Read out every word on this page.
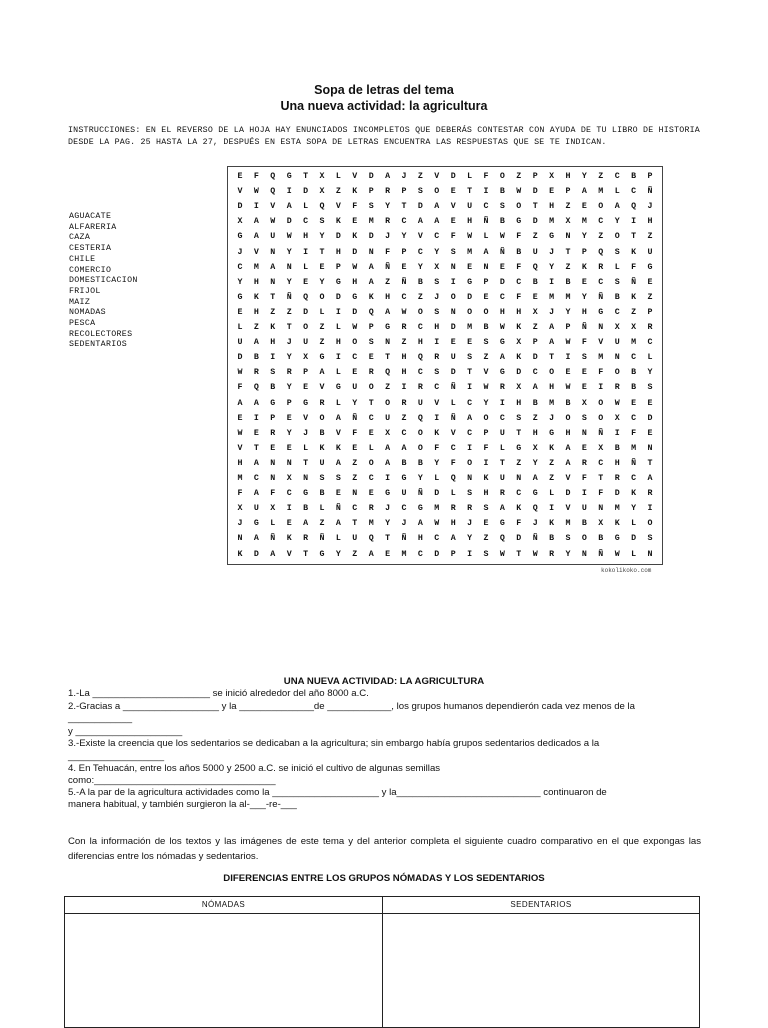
Sopa de letras del tema
Una nueva actividad: la agricultura
INSTRUCCIONES: EN EL REVERSO DE LA HOJA HAY ENUNCIADOS INCOMPLETOS QUE DEBERÁS CONTESTAR CON AYUDA DE TU LIBRO DE HISTORIA DESDE LA PAG. 25 HASTA LA 27, DESPUÉS EN ESTA SOPA DE LETRAS ENCUENTRA LAS RESPUESTAS QUE SE TE INDICAN.
AGUACATE
ALFARERIA
CAZA
CESTERIA
CHILE
COMERCIO
DOMESTICACION
FRIJOL
MAIZ
NOMADAS
PESCA
RECOLECTORES
SEDENTARIOS
E	F	Q	G	T	X	L	V	D	A	J	Z	V	D	L	F	O	Z	P	X	H	Y	Z	C	B	P
V	W	Q	I	D	X	Z	K	P	R	P	S	O	E	T	I	B	W	D	E	P	A	M	L	C	Ñ
D	I	V	A	L	Q	V	F	S	Y	T	D	A	V	U	C	S	O	T	H	Z	E	O	A	Q	J
X	A	W	D	C	S	K	E	M	R	C	A	A	E	H	Ñ	B	G	D	M	X	M	C	Y	I	H
G	A	U	W	H	Y	D	K	D	J	Y	V	C	F	W	L	W	F	Z	G	N	Y	Z	O	T	Z
J	V	N	Y	I	T	H	D	N	F	P	C	Y	S	M	A	Ñ	B	U	J	T	P	Q	S	K	U
C	M	A	N	L	E	P	W	A	Ñ	E	Y	X	N	E	N	E	F	Q	Y	Z	K	R	L	F	G
Y	H	N	Y	E	Y	G	H	A	Z	Ñ	B	S	I	G	P	D	C	B	I	B	E	C	S	Ñ	E
G	K	T	Ñ	Q	O	D	G	K	H	C	Z	J	O	D	E	C	F	E	M	M	Y	Ñ	B	K	Z
E	H	Z	Z	D	L	I	D	Q	A	W	O	S	N	O	O	H	H	X	J	Y	H	G	C	Z	P
L	Z	K	T	O	Z	L	W	P	G	R	C	H	D	M	B	W	K	Z	A	P	Ñ	N	X	X	R
U	A	H	J	U	Z	H	O	S	N	Z	H	I	E	E	S	G	X	P	A	W	F	V	U	M	C
D	B	I	Y	X	G	I	C	E	T	H	Q	R	U	S	Z	A	K	D	T	I	S	M	N	C	L
W	R	S	R	P	A	L	E	R	Q	H	C	S	D	T	V	G	D	C	O	E	E	F	O	B	Y
F	Q	B	Y	E	V	G	U	O	Z	I	R	C	Ñ	I	W	R	X	A	H	W	E	I	R	B	S
A	A	G	P	G	R	L	Y	T	O	R	U	V	L	C	Y	I	H	B	M	B	X	O	W	E	E
E	I	P	E	V	O	A	Ñ	C	U	Z	Q	I	Ñ	A	O	C	S	Z	J	O	S	O	X	C	D
W	E	R	Y	J	B	V	F	E	X	C	O	K	V	C	P	U	T	H	G	H	N	Ñ	I	F	E
V	T	E	E	L	K	K	E	L	A	A	O	F	C	I	F	L	G	X	K	A	E	X	B	M	N
H	A	N	N	T	U	A	Z	O	A	B	B	Y	F	O	I	T	Z	Y	Z	A	R	C	H	Ñ	T
M	C	N	X	N	S	S	Z	C	I	G	Y	L	Q	N	K	U	N	A	Z	V	F	T	R	C	A
F	A	F	C	G	B	E	N	E	G	U	Ñ	D	L	S	H	R	C	G	L	D	I	F	D	K	R
X	U	X	I	B	L	Ñ	C	R	J	C	G	M	R	R	S	A	K	Q	I	V	U	N	M	Y	I
J	G	L	E	A	Z	A	T	M	Y	J	A	W	H	J	E	G	F	J	K	M	B	X	K	L	O
N	A	Ñ	K	R	Ñ	L	U	Q	T	Ñ	H	C	A	Y	Z	Q	D	Ñ	B	S	O	B	G	D	S
K	D	A	V	T	G	Y	Z	A	E	M	C	D	P	I	S	W	T	W	R	Y	N	Ñ	W	L	N
kokolikoko.com
UNA NUEVA ACTIVIDAD: LA AGRICULTURA
1.-La ______________________ se inició alrededor del año 8000 a.C.
2.-Gracias a __________________ y la ______________de ____________, los grupos humanos dependierón cada vez menos de la
____________
y ____________________
3.-Existe la creencia que los sedentarios se dedicaban a la agricultura; sin embargo había grupos sedentarios dedicados a la
__________________
4. En Tehuacán, entre los años 5000 y 2500 a.C. se inició el cultivo de algunas semillas
como:__________________________________
5.-A la par de la agricultura actividades como la ____________________ y la___________________________ continuaron de
manera habitual, y también surgieron la al-___-re-___
Con la información de los textos y las imágenes de este tema y del anterior completa el siguiente cuadro comparativo en el que expongas las diferencias entre los nómadas y sedentarios.
DIFERENCIAS ENTRE LOS GRUPOS NÓMADAS Y LOS SEDENTARIOS
NÓMADAS	SEDENTARIOS
